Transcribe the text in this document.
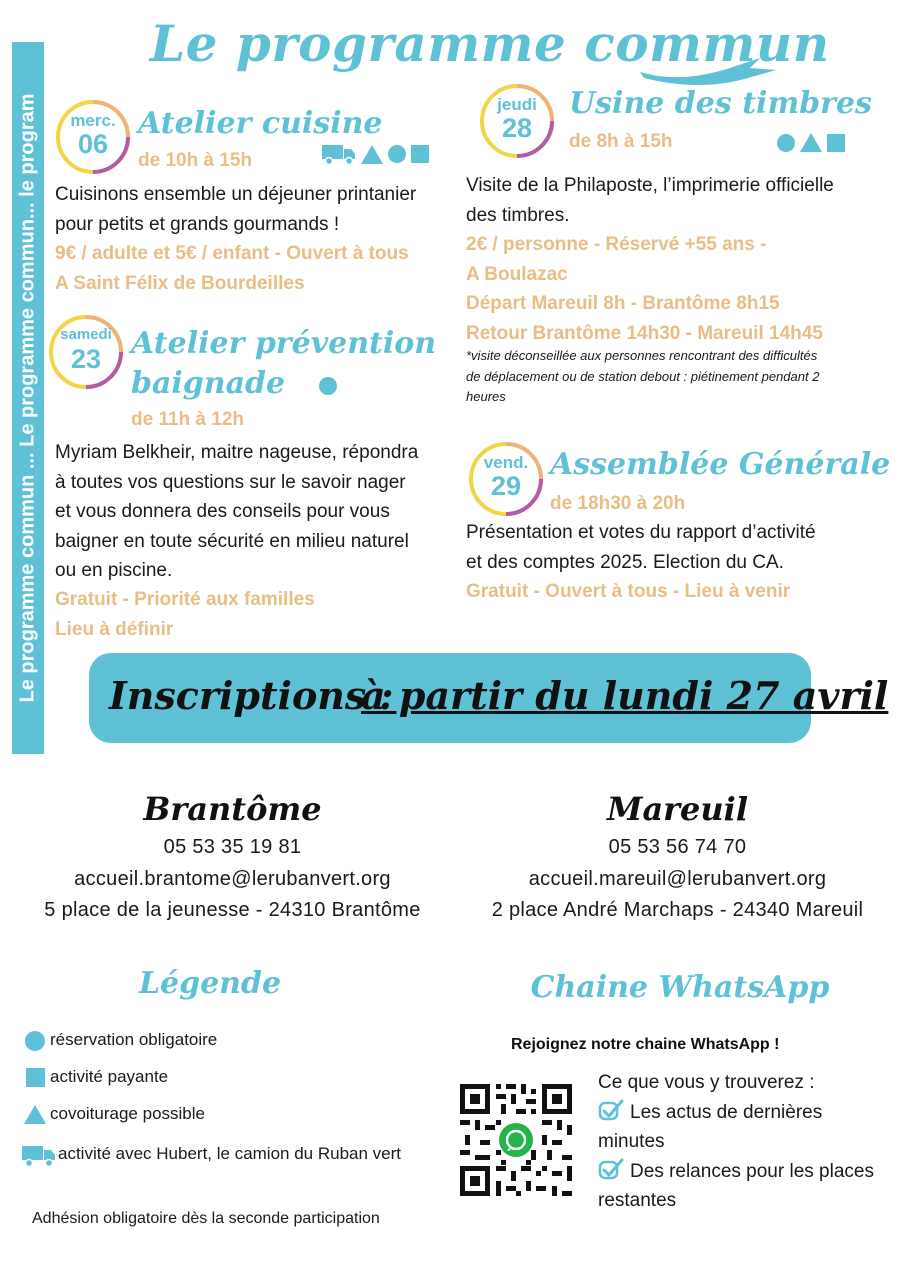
Le programme commun ... Le programme commun... le program
Le programme commun
merc.
06
Atelier cuisine
de 10h à 15h
Cuisinons ensemble un déjeuner printanier
pour petits et grands gourmands !
9€ / adulte et 5€ / enfant - Ouvert à tous
A Saint Félix de Bourdeilles
samedi
23 Atelier prévention
baignade
de 11h à 12h
Myriam Belkheir, maitre nageuse, répondra
à toutes vos questions sur le savoir nager
et vous donnera des conseils pour vous
baigner en toute sécurité en milieu naturel
ou en piscine.
Gratuit - Priorité aux familles
Lieu à définir
jeudi
28
Usine des timbres
de 8h à 15h
Visite de la Philaposte, l’imprimerie officielle
des timbres.
2€ / personne - Réservé +55 ans -
A Boulazac
Départ Mareuil 8h - Brantôme 8h15
Retour Brantôme 14h30 - Mareuil 14h45
*visite déconseillée aux personnes rencontrant des difficultés
de déplacement ou de station debout : piétinement pendant 2
heures
vend.
29
Assemblée Générale
de 18h30 à 20h
Présentation et votes du rapport d’activité
et des comptes 2025. Election du CA.
Gratuit - Ouvert à tous - Lieu à venir
Inscriptions :
à partir du lundi 27 avril
Brantôme
05 53 35 19 81
accueil.brantome@lerubanvert.org
5 place de la jeunesse - 24310 Brantôme
Mareuil
05 53 56 74 70
accueil.mareuil@lerubanvert.org
2 place André Marchaps - 24340 Mareuil
Légende
réservation obligatoire
activité payante
covoiturage possible
activité avec Hubert, le camion du Ruban vert
Adhésion obligatoire dès la seconde participation
Chaine WhatsApp
Rejoignez notre chaine WhatsApp !
Ce que vous y trouverez :
Les actus de dernières minutes
Des relances pour les places restantes
